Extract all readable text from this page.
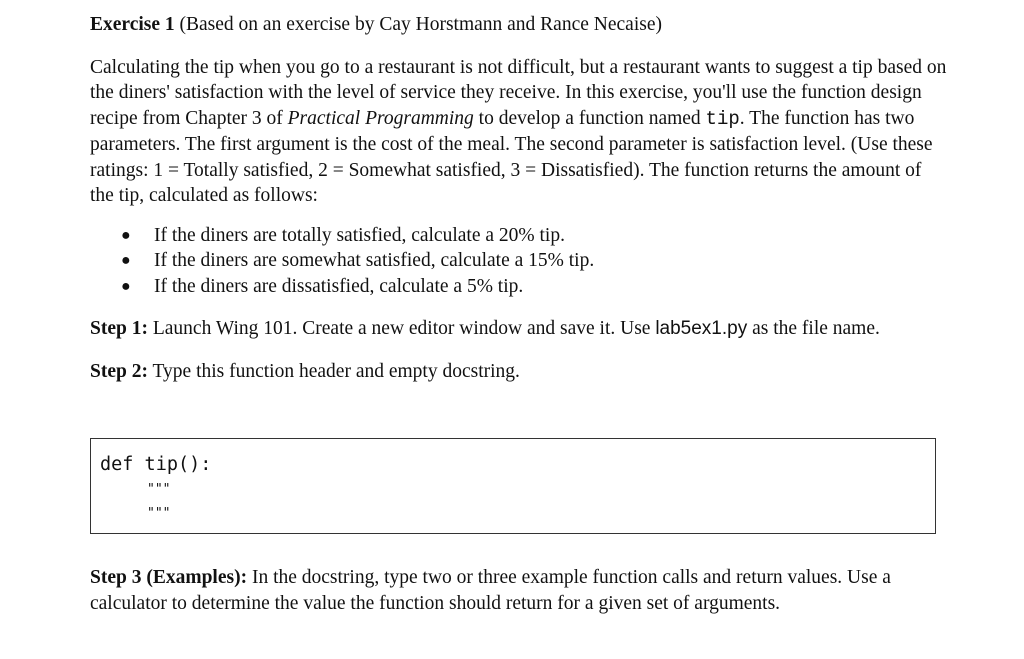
Exercise 1 (Based on an exercise by Cay Horstmann and Rance Necaise)

Calculating the tip when you go to a restaurant is not difficult, but a restaurant wants to suggest a tip based on the diners' satisfaction with the level of service they receive. In this exercise, you'll use the function design recipe from Chapter 3 of Practical Programming to develop a function named tip. The function has two parameters. The first argument is the cost of the meal. The second parameter is satisfaction level. (Use these ratings: 1 = Totally satisfied, 2 = Somewhat satisfied, 3 = Dissatisfied). The function returns the amount of the tip, calculated as follows:

● If the diners are totally satisfied, calculate a 20% tip.
● If the diners are somewhat satisfied, calculate a 15% tip.
● If the diners are dissatisfied, calculate a 5% tip.

Step 1: Launch Wing 101. Create a new editor window and save it. Use lab5ex1.py as the file name.

Step 2: Type this function header and empty docstring.

def tip():
"""
"""

Step 3 (Examples): In the docstring, type two or three example function calls and return values. Use a calculator to determine the value the function should return for a given set of arguments.
